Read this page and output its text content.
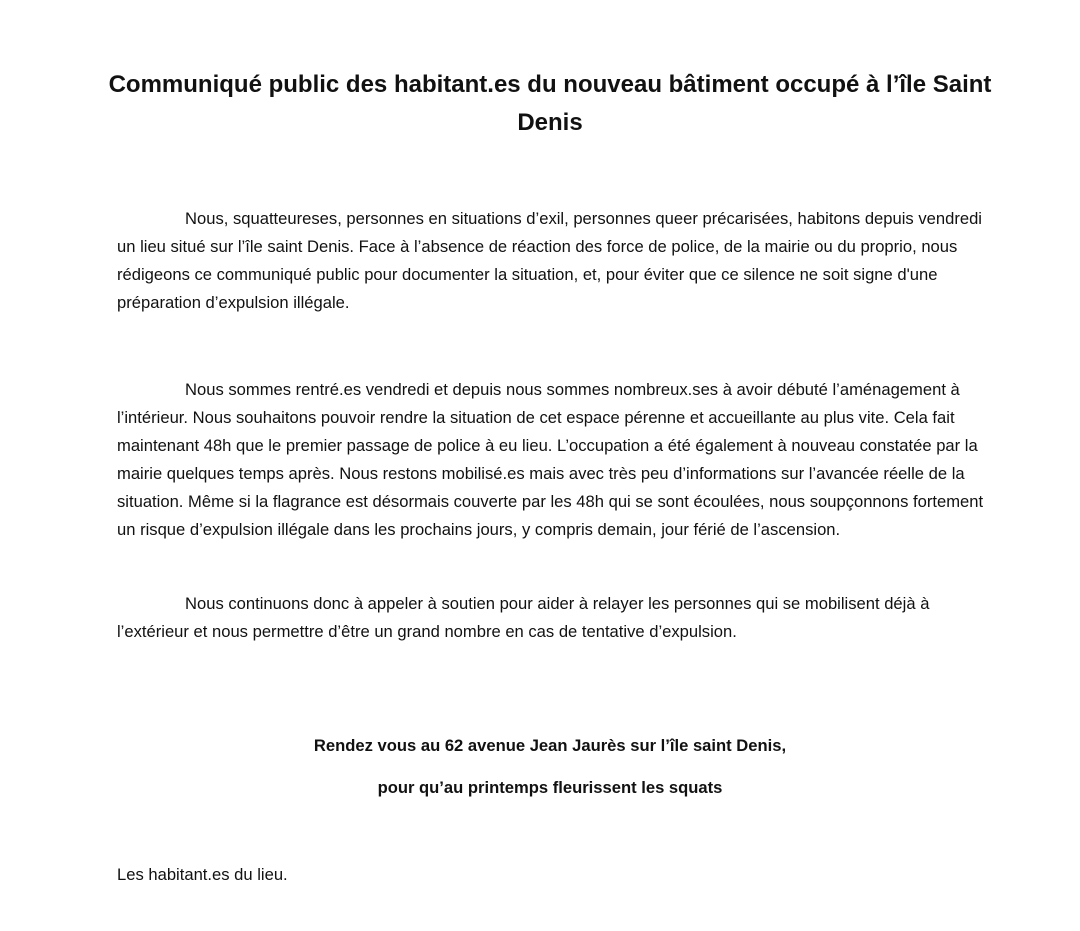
Communiqué public des habitant.es du nouveau bâtiment occupé à l’île Saint Denis

Nous, squatteureses, personnes en situations d’exil, personnes queer précarisées, habitons depuis vendredi un lieu situé sur l’île saint Denis. Face à l’absence de réaction des force de police, de la mairie ou du proprio, nous rédigeons ce communiqué public pour documenter la situation, et, pour éviter que ce silence ne soit signe d'une préparation d’expulsion illégale.

Nous sommes rentré.es vendredi et depuis nous sommes nombreux.ses à avoir débuté l’aménagement à l’intérieur. Nous souhaitons pouvoir rendre la situation de cet espace pérenne et accueillante au plus vite. Cela fait maintenant 48h que le premier passage de police à eu lieu. L’occupation a été également à nouveau constatée par la mairie quelques temps après. Nous restons mobilisé.es mais avec très peu d’informations sur l’avancée réelle de la situation. Même si la flagrance est désormais couverte par les 48h qui se sont écoulées, nous soupçonnons fortement un risque d’expulsion illégale dans les prochains jours, y compris demain, jour férié de l’ascension.

Nous continuons donc à appeler à soutien pour aider à relayer les personnes qui se mobilisent déjà à l’extérieur et nous permettre d’être un grand nombre en cas de tentative d’expulsion.

Rendez vous au 62 avenue Jean Jaurès sur l’île saint Denis,

pour qu’au printemps fleurissent les squats

Les habitant.es du lieu.
